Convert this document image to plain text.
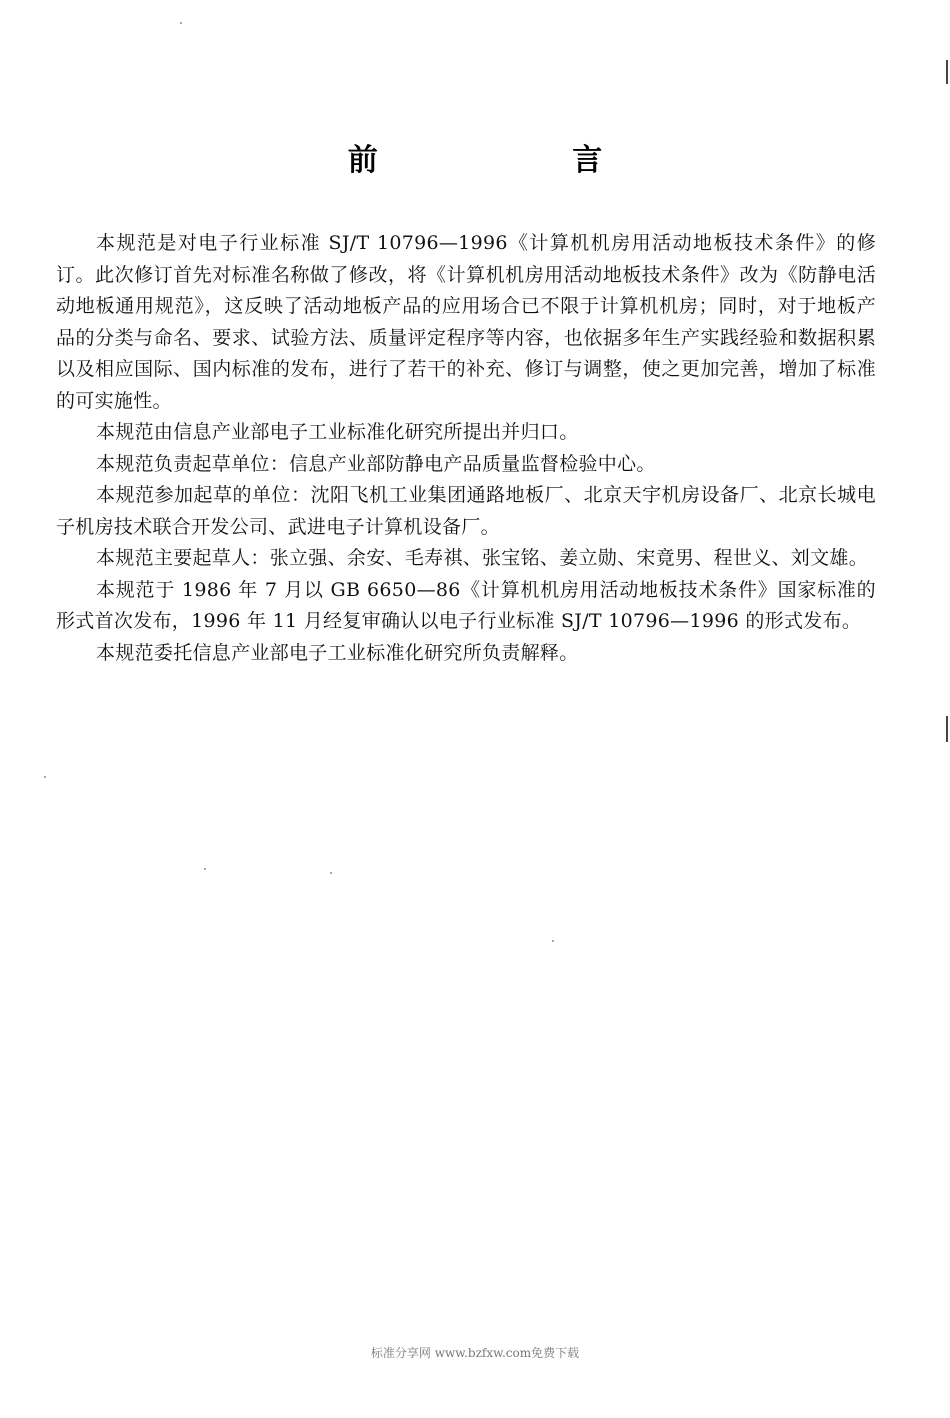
前 言

本规范是对电子行业标准 SJ/T 10796—1996《计算机机房用活动地板技术条件》的修订。此次修订首先对标准名称做了修改，将《计算机机房用活动地板技术条件》改为《防静电活动地板通用规范》，这反映了活动地板产品的应用场合已不限于计算机机房；同时，对于地板产品的分类与命名、要求、试验方法、质量评定程序等内容，也依据多年生产实践经验和数据积累以及相应国际、国内标准的发布，进行了若干的补充、修订与调整，使之更加完善，增加了标准的可实施性。

本规范由信息产业部电子工业标准化研究所提出并归口。

本规范负责起草单位：信息产业部防静电产品质量监督检验中心。

本规范参加起草的单位：沈阳飞机工业集团通路地板厂、北京天宇机房设备厂、北京长城电子机房技术联合开发公司、武进电子计算机设备厂。

本规范主要起草人：张立强、余安、毛寿祺、张宝铭、姜立勋、宋竟男、程世义、刘文雄。

本规范于 1986 年 7 月以 GB 6650—86《计算机机房用活动地板技术条件》国家标准的形式首次发布，1996 年 11 月经复审确认以电子行业标准 SJ/T 10796—1996 的形式发布。

本规范委托信息产业部电子工业标准化研究所负责解释。

标准分享网 www.bzfxw.com免费下载
